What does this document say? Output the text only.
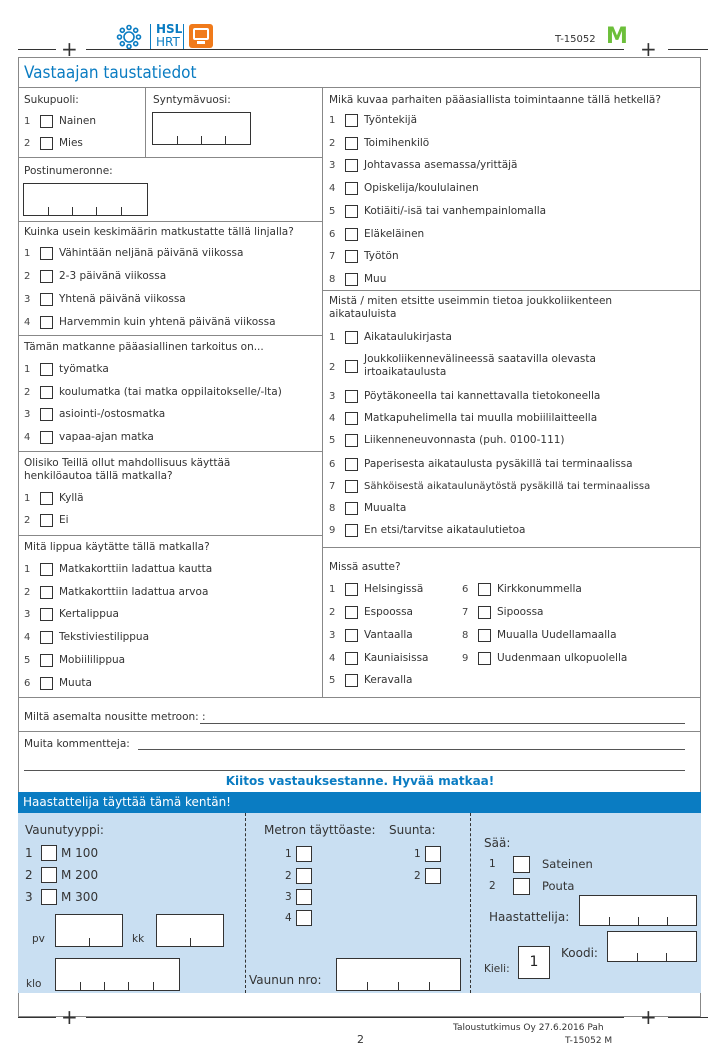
HSL
HRT	T-15052 M
+	+
Vastaajan taustatiedot
Sukupuoli:	Syntymävuosi:
1	Nainen
2	Mies
Postinumeronne:
Kuinka usein keskimäärin matkustatte tällä linjalla?
1	Vähintään neljänä päivänä viikossa
2	2-3 päivänä viikossa
3	Yhtenä päivänä viikossa
4	Harvemmin kuin yhtenä päivänä viikossa
Tämän matkanne pääasiallinen tarkoitus on...
1	työmatka
2	koulumatka (tai matka oppilaitokselle/-lta)
3	asiointi-/ostosmatka
4	vapaa-ajan matka
Olisiko Teillä ollut mahdollisuus käyttää
henkilöautoa tällä matkalla?
1	Kyllä
2	Ei
Mitä lippua käytätte tällä matkalla?
1	Matkakorttiin ladattua kautta
2	Matkakorttiin ladattua arvoa
3	Kertalippua
4	Tekstiviestilippua
5	Mobiililippua
6	Muuta
Mikä kuvaa parhaiten pääasiallista toimintaanne tällä hetkellä?
1	Työntekijä
2	Toimihenkilö
3	Johtavassa asemassa/yrittäjä
4	Opiskelija/koululainen
5	Kotiäiti/-isä tai vanhempainlomalla
6	Eläkeläinen
7	Työtön
8	Muu
Mistä / miten etsitte useimmin tietoa joukkoliikenteen
aikatauluista
1	Aikataulukirjasta
2
Joukkoliikennevälineessä saatavilla olevasta
irtoaikataulusta
3	Pöytäkoneella tai kannettavalla tietokoneella
4	Matkapuhelimella tai muulla mobiililaitteella
5	Liikenneneuvonnasta (puh. 0100-111)
6	Paperisesta aikataulusta pysäkillä tai terminaalissa
7	Sähköisestä aikataulunäytöstä pysäkillä tai terminaalissa
8	Muualta
9	En etsi/tarvitse aikataulutietoa
Missä asutte?
1	Helsingissä
2	Espoossa
3	Vantaalla
4	Kauniaisissa
5	Keravalla
6	Kirkkonummella
7	Sipoossa
8	Muualla Uudellamaalla
9	Uudenmaan ulkopuolella
Miltä asemalta nousitte metroon: :
Muita kommentteja:
Kiitos vastauksestanne. Hyvää matkaa!
Haastattelija täyttää tämä kentän!
Vaunutyyppi:
1	M 100
2	M 200
3	M 300
pv	kk
klo
Metron täyttöaste: Suunta:
1
2
3
4
1
2
Vaunun nro:
Sää:
1	Sateinen
2	Pouta
Haastattelija:
Koodi:
Kieli:	1
+	+
2
Taloustutkimus Oy 27.6.2016 Pah
T-15052 M
